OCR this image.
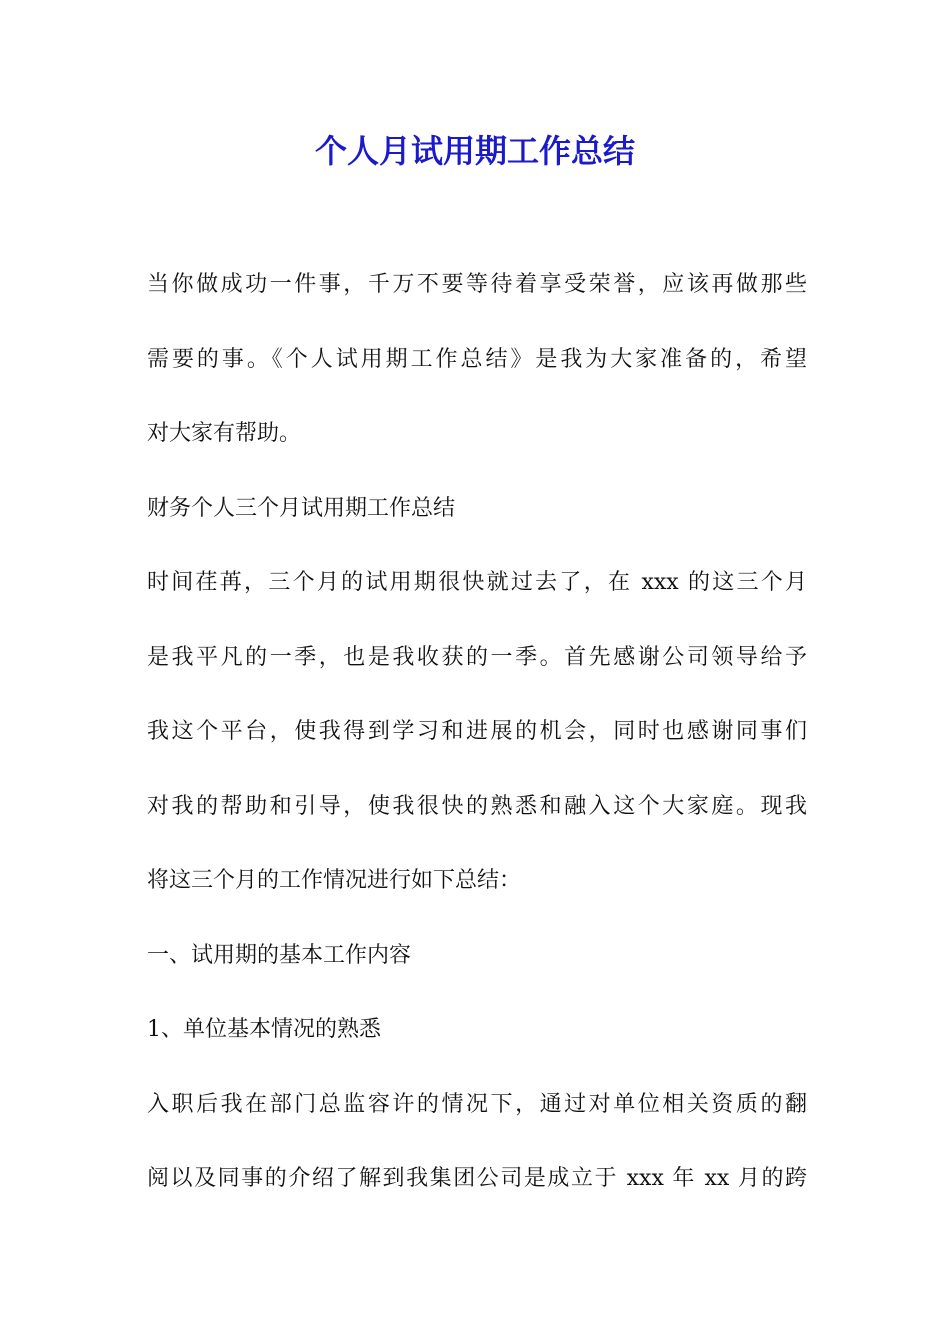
个人月试用期工作总结
当你做成功一件事，千万不要等待着享受荣誉，应该再做那些
需要的事。《个人试用期工作总结》是我为大家准备的，希望
对大家有帮助。
财务个人三个月试用期工作总结
时间荏苒，三个月的试用期很快就过去了，在 xxx 的这三个月
是我平凡的一季，也是我收获的一季。首先感谢公司领导给予
我这个平台，使我得到学习和进展的机会，同时也感谢同事们
对我的帮助和引导，使我很快的熟悉和融入这个大家庭。现我
将这三个月的工作情况进行如下总结：
一、试用期的基本工作内容
1、单位基本情况的熟悉
入职后我在部门总监容许的情况下，通过对单位相关资质的翻
阅以及同事的介绍了解到我集团公司是成立于 xxx 年 xx 月的跨
